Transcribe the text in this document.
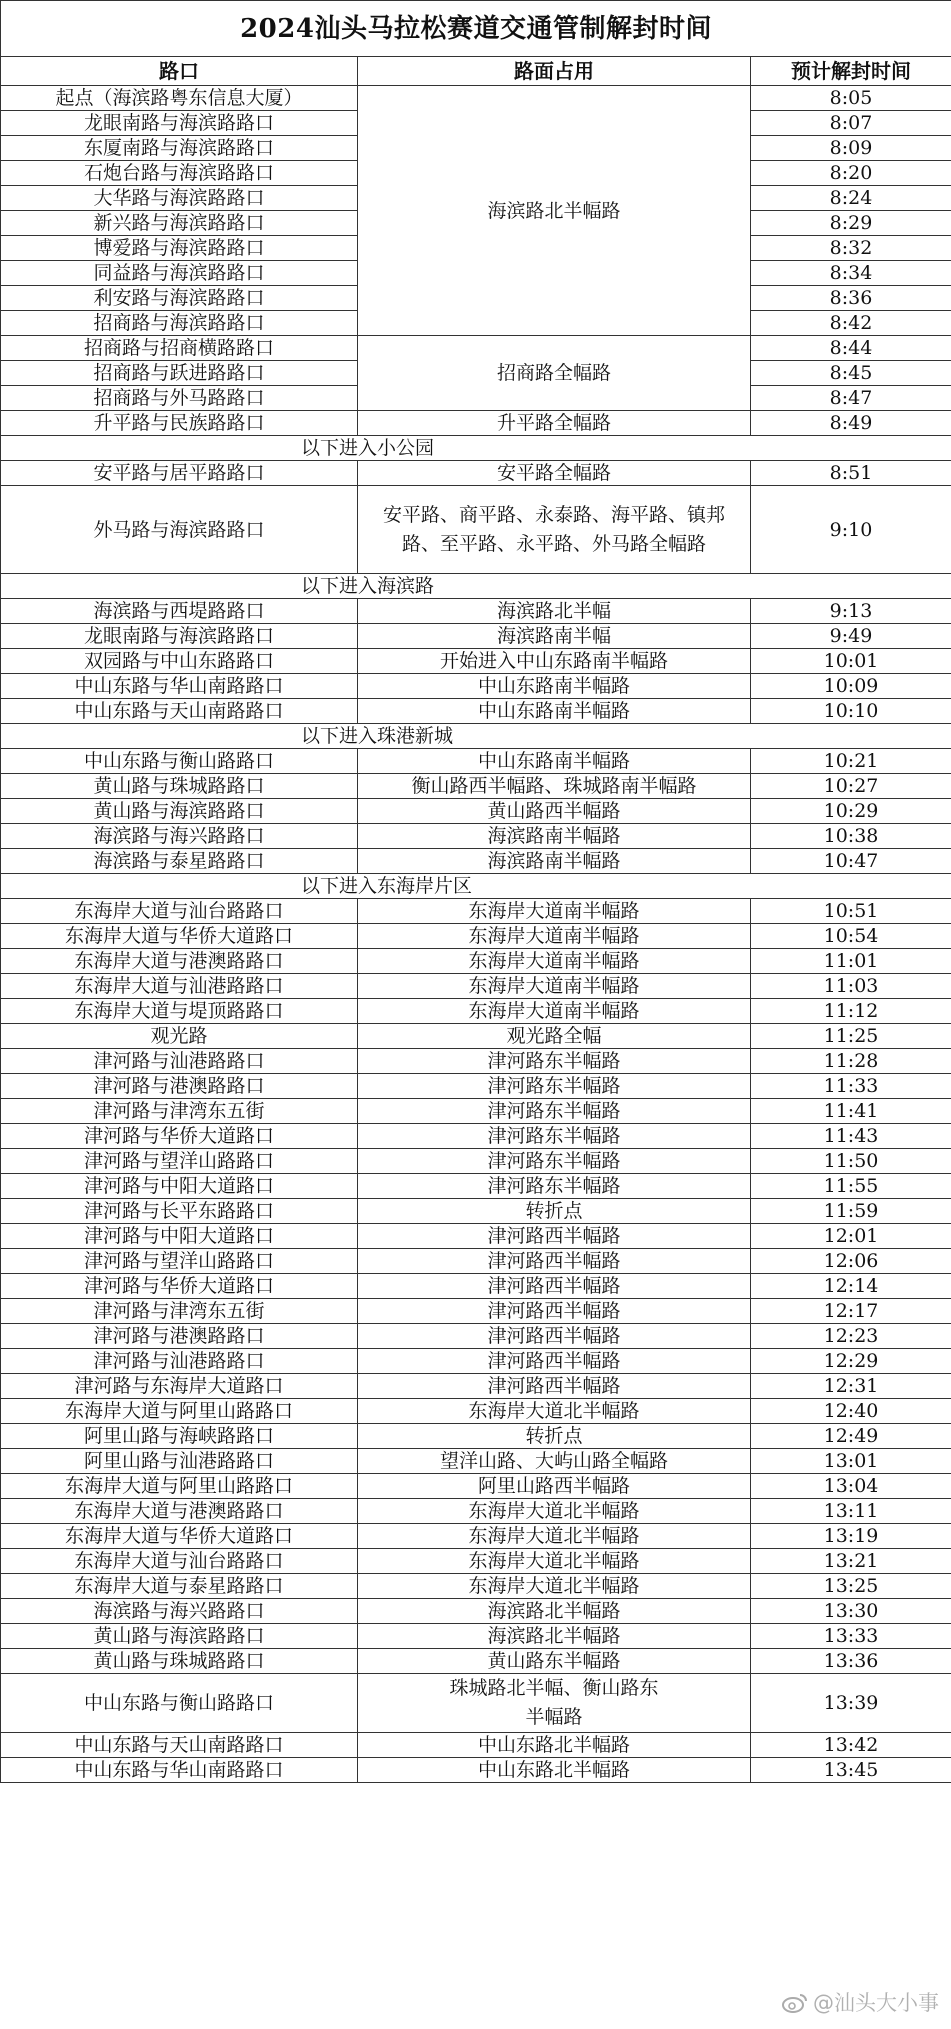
2024汕头马拉松赛道交通管制解封时间		
路口	路面占用	预计解封时间
起点（海滨路粤东信息大厦）	海滨路北半幅路	8:05
龙眼南路与海滨路路口		8:07
东厦南路与海滨路路口		8:09
石炮台路与海滨路路口		8:20
大华路与海滨路路口		8:24
新兴路与海滨路路口		8:29
博爱路与海滨路路口		8:32
同益路与海滨路路口		8:34
利安路与海滨路路口		8:36
招商路与海滨路路口		8:42
招商路与招商横路路口	招商路全幅路	8:44
招商路与跃进路路口		8:45
招商路与外马路路口		8:47
升平路与民族路路口	升平路全幅路	8:49
以下进入小公园		
安平路与居平路路口	安平路全幅路	8:51
外马路与海滨路路口	安平路、商平路、永泰路、海平路、镇邦路、至平路、永平路、外马路全幅路	9:10
以下进入海滨路		
海滨路与西堤路路口	海滨路北半幅	9:13
龙眼南路与海滨路路口	海滨路南半幅	9:49
双园路与中山东路路口	开始进入中山东路南半幅路	10:01
中山东路与华山南路路口	中山东路南半幅路	10:09
中山东路与天山南路路口	中山东路南半幅路	10:10
以下进入珠港新城		
中山东路与衡山路路口	中山东路南半幅路	10:21
黄山路与珠城路路口	衡山路西半幅路、珠城路南半幅路	10:27
黄山路与海滨路路口	黄山路西半幅路	10:29
海滨路与海兴路路口	海滨路南半幅路	10:38
海滨路与泰星路路口	海滨路南半幅路	10:47
以下进入东海岸片区		
东海岸大道与汕台路路口	东海岸大道南半幅路	10:51
东海岸大道与华侨大道路口	东海岸大道南半幅路	10:54
东海岸大道与港澳路路口	东海岸大道南半幅路	11:01
东海岸大道与汕港路路口	东海岸大道南半幅路	11:03
东海岸大道与堤顶路路口	东海岸大道南半幅路	11:12
观光路	观光路全幅	11:25
津河路与汕港路路口	津河路东半幅路	11:28
津河路与港澳路路口	津河路东半幅路	11:33
津河路与津湾东五街	津河路东半幅路	11:41
津河路与华侨大道路口	津河路东半幅路	11:43
津河路与望洋山路路口	津河路东半幅路	11:50
津河路与中阳大道路口	津河路东半幅路	11:55
津河路与长平东路路口	转折点	11:59
津河路与中阳大道路口	津河路西半幅路	12:01
津河路与望洋山路路口	津河路西半幅路	12:06
津河路与华侨大道路口	津河路西半幅路	12:14
津河路与津湾东五街	津河路西半幅路	12:17
津河路与港澳路路口	津河路西半幅路	12:23
津河路与汕港路路口	津河路西半幅路	12:29
津河路与东海岸大道路口	津河路西半幅路	12:31
东海岸大道与阿里山路路口	东海岸大道北半幅路	12:40
阿里山路与海峡路路口	转折点	12:49
阿里山路与汕港路路口	望洋山路、大屿山路全幅路	13:01
东海岸大道与阿里山路路口	阿里山路西半幅路	13:04
东海岸大道与港澳路路口	东海岸大道北半幅路	13:11
东海岸大道与华侨大道路口	东海岸大道北半幅路	13:19
东海岸大道与汕台路路口	东海岸大道北半幅路	13:21
东海岸大道与泰星路路口	东海岸大道北半幅路	13:25
海滨路与海兴路路口	海滨路北半幅路	13:30
黄山路与海滨路路口	海滨路北半幅路	13:33
黄山路与珠城路路口	黄山路东半幅路	13:36
中山东路与衡山路路口	珠城路北半幅、衡山路东半幅路	13:39
中山东路与天山南路路口	中山东路北半幅路	13:42
中山东路与华山南路路口	中山东路北半幅路	13:45
@汕头大小事
